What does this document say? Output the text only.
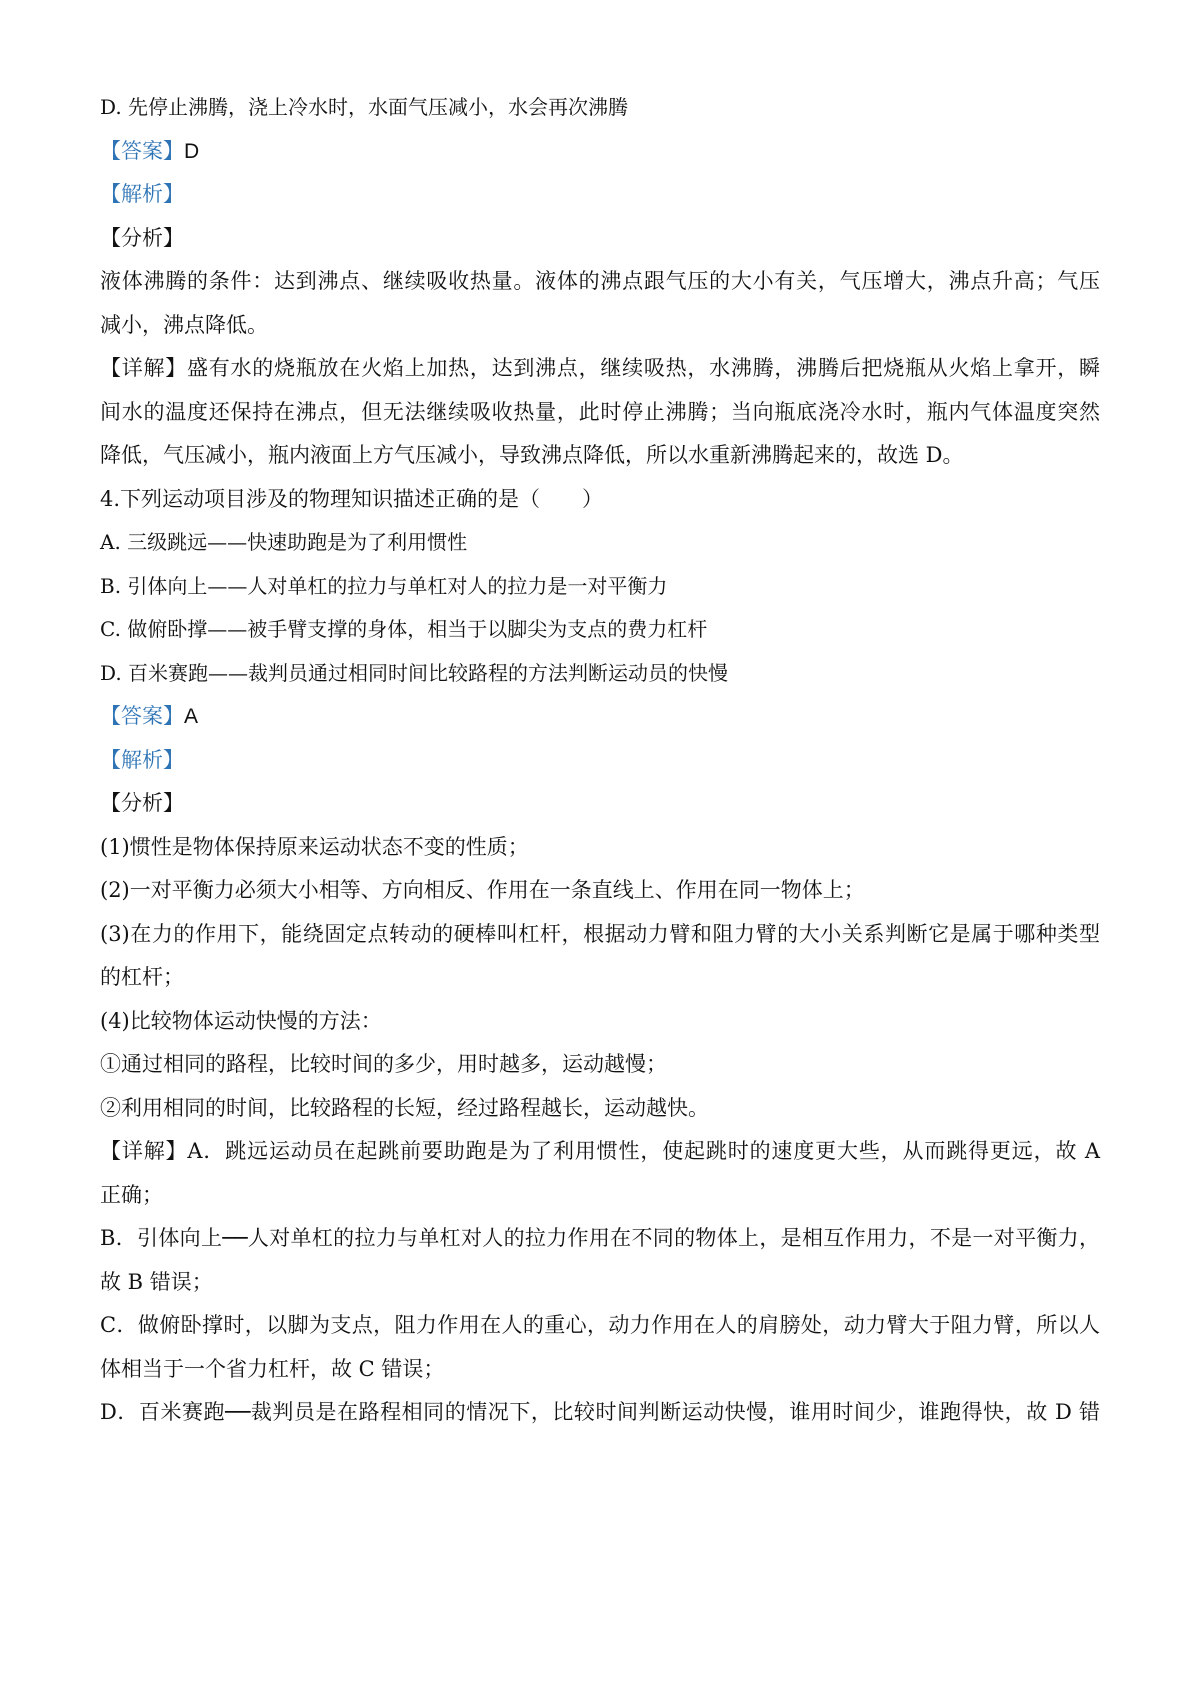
D. 先停止沸腾，浇上冷水时，水面气压减小，水会再次沸腾
【答案】D
【解析】
【分析】
液体沸腾的条件：达到沸点、继续吸收热量。液体的沸点跟气压的大小有关，气压增大，沸点升高；气压
减小，沸点降低。
【详解】盛有水的烧瓶放在火焰上加热，达到沸点，继续吸热，水沸腾，沸腾后把烧瓶从火焰上拿开，瞬
间水的温度还保持在沸点，但无法继续吸收热量，此时停止沸腾；当向瓶底浇冷水时，瓶内气体温度突然
降低，气压减小，瓶内液面上方气压减小，导致沸点降低，所以水重新沸腾起来的，故选 D。
4.下列运动项目涉及的物理知识描述正确的是（　　）
A. 三级跳远——快速助跑是为了利用惯性
B. 引体向上——人对单杠的拉力与单杠对人的拉力是一对平衡力
C. 做俯卧撑——被手臂支撑的身体，相当于以脚尖为支点的费力杠杆
D. 百米赛跑——裁判员通过相同时间比较路程的方法判断运动员的快慢
【答案】A
【解析】
【分析】
(1)惯性是物体保持原来运动状态不变的性质；
(2)一对平衡力必须大小相等、方向相反、作用在一条直线上、作用在同一物体上；
(3)在力的作用下，能绕固定点转动的硬棒叫杠杆，根据动力臂和阻力臂的大小关系判断它是属于哪种类型
的杠杆；
(4)比较物体运动快慢的方法：
①通过相同的路程，比较时间的多少，用时越多，运动越慢；
②利用相同的时间，比较路程的长短，经过路程越长，运动越快。
【详解】A．跳远运动员在起跳前要助跑是为了利用惯性，使起跳时的速度更大些，从而跳得更远，故 A
正确；
B．引体向上──人对单杠的拉力与单杠对人的拉力作用在不同的物体上，是相互作用力，不是一对平衡力，
故 B 错误；
C．做俯卧撑时，以脚为支点，阻力作用在人的重心，动力作用在人的肩膀处，动力臂大于阻力臂，所以人
体相当于一个省力杠杆，故 C 错误；
D．百米赛跑──裁判员是在路程相同的情况下，比较时间判断运动快慢，谁用时间少，谁跑得快，故 D 错
